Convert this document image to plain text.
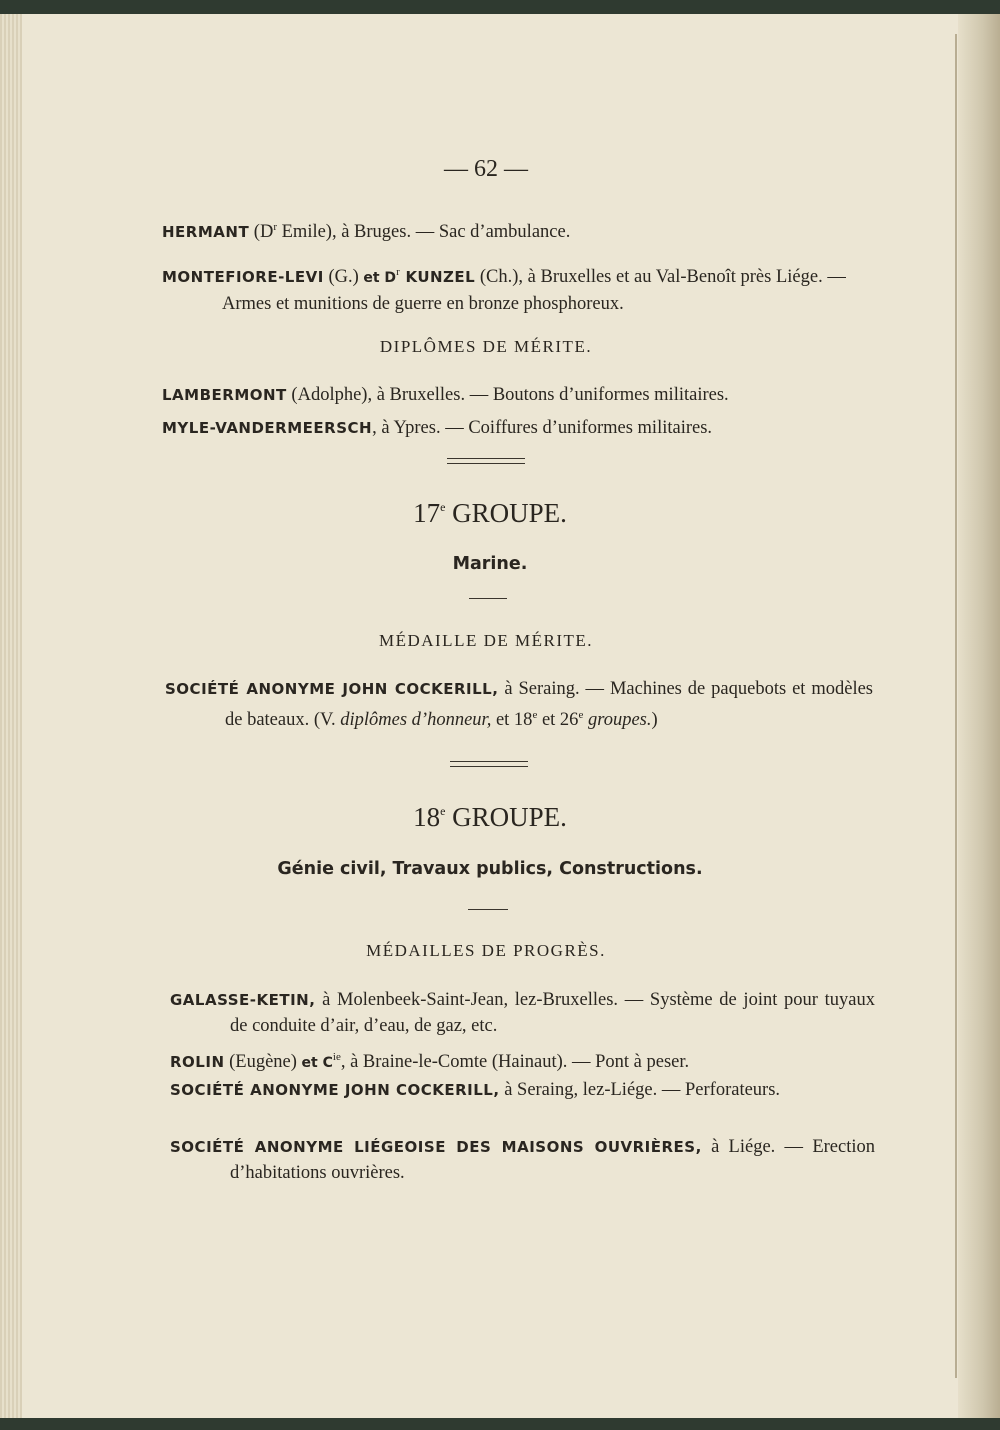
— 62 —
HERMANT ($D^r$ Emile), à Bruges. — Sac d’ambulance.
MONTEFIORE-LEVI (G.) et $D^r$ KUNZEL (Ch.), à Bruxelles et au Val-Benoît près Liége. — Armes et munitions de guerre en bronze phosphoreux.
DIPLÔMES DE MÉRITE.
LAMBERMONT (Adolphe), à Bruxelles. — Boutons d’uniformes militaires.
MYLE-VANDERMEERSCH, à Ypres. — Coiffures d’uniformes militaires.
17e GROUPE.
Marine.
MÉDAILLE DE MÉRITE.
SOCIÉTÉ ANONYME JOHN COCKERILL, à Seraing. — Machines de paquebots et modèles de bateaux. (V. diplômes d’honneur, et 18e et 26e groupes.)
18e GROUPE.
Génie civil, Travaux publics, Constructions.
MÉDAILLES DE PROGRÈS.
GALASSE-KETIN, à Molenbeek-Saint-Jean, lez-Bruxelles. — Système de joint pour tuyaux de conduite d’air, d’eau, de gaz, etc.
ROLIN (Eugène) et $C^{ie}$, à Braine-le-Comte (Hainaut). — Pont à peser.
SOCIÉTÉ ANONYME JOHN COCKERILL, à Seraing, lez-Liége. — Perforateurs.
SOCIÉTÉ ANONYME LIÉGEOISE DES MAISONS OUVRIÈRES, à Liége. — Erection d’habitations ouvrières.
